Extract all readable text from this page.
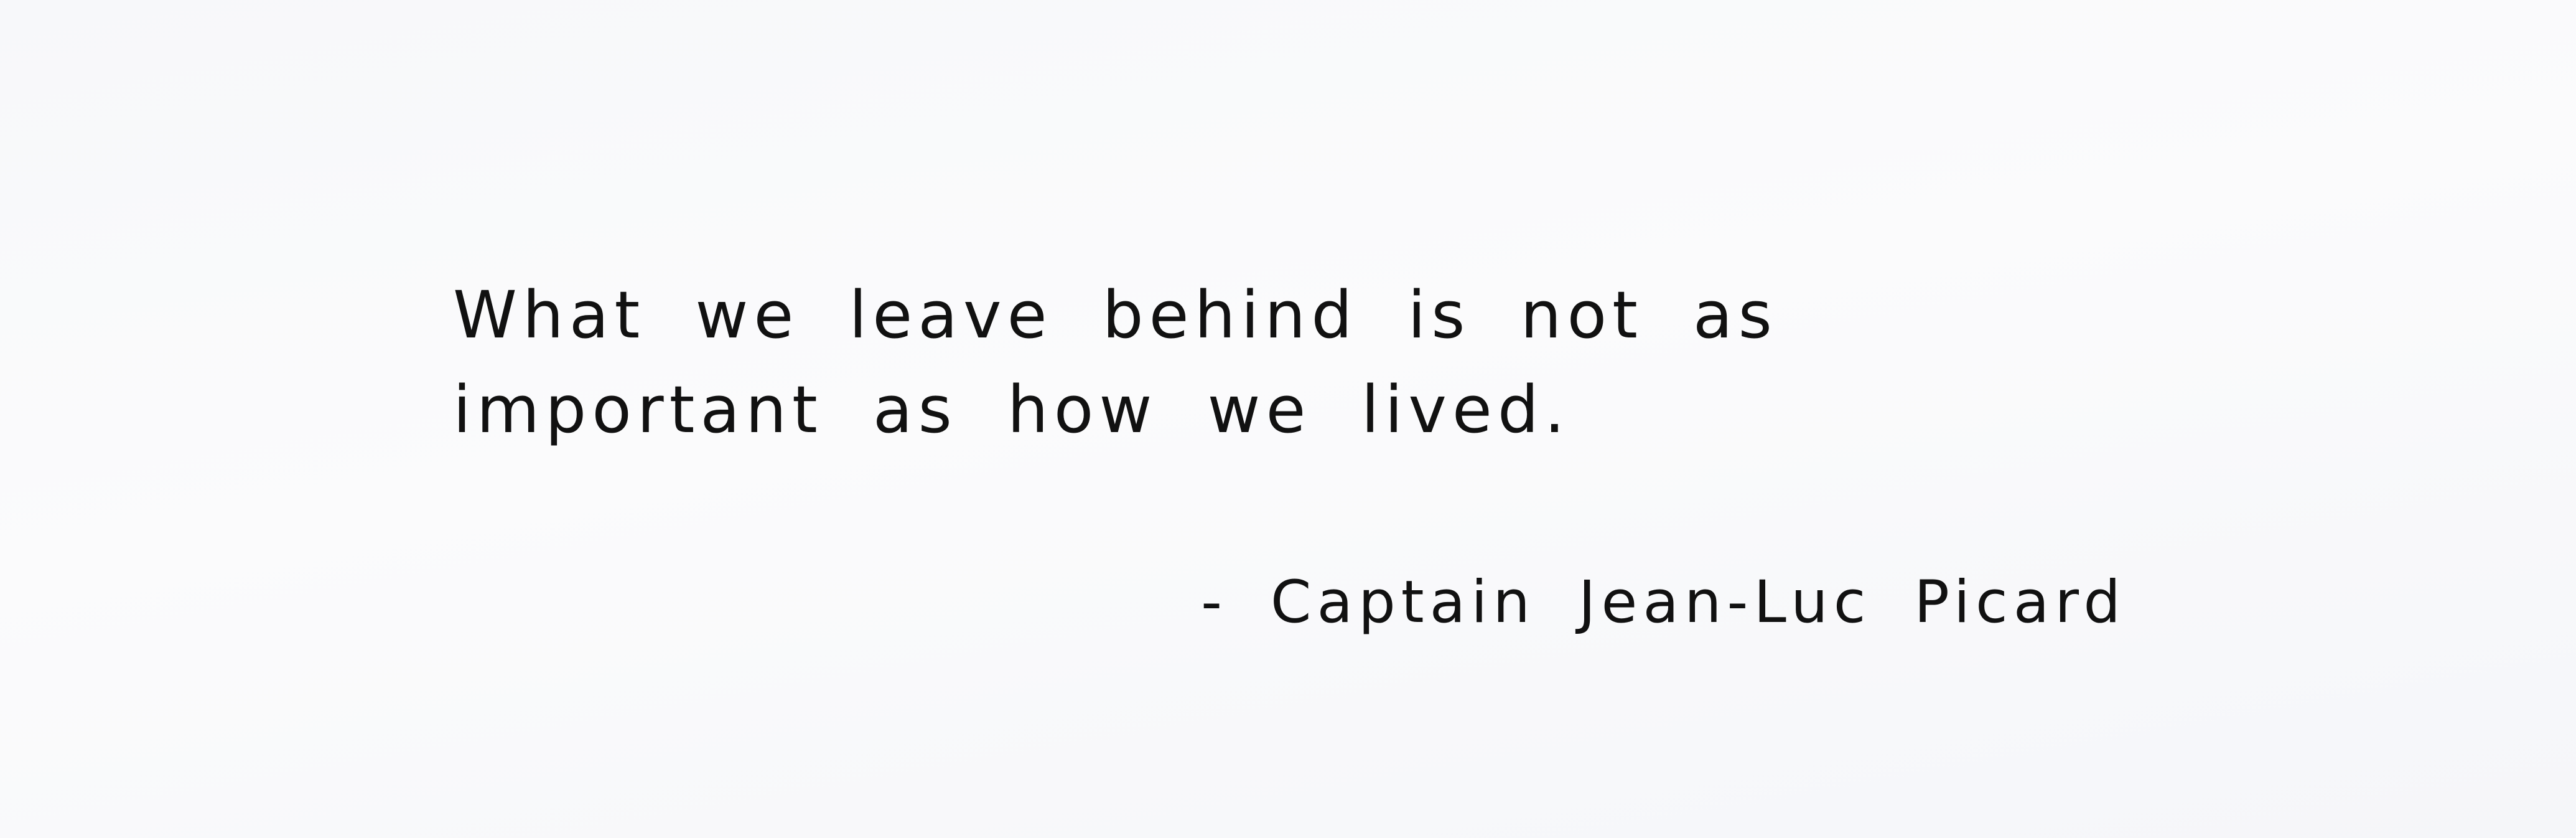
What we leave behind is not as important as how we lived.

- Captain Jean-Luc Picard
